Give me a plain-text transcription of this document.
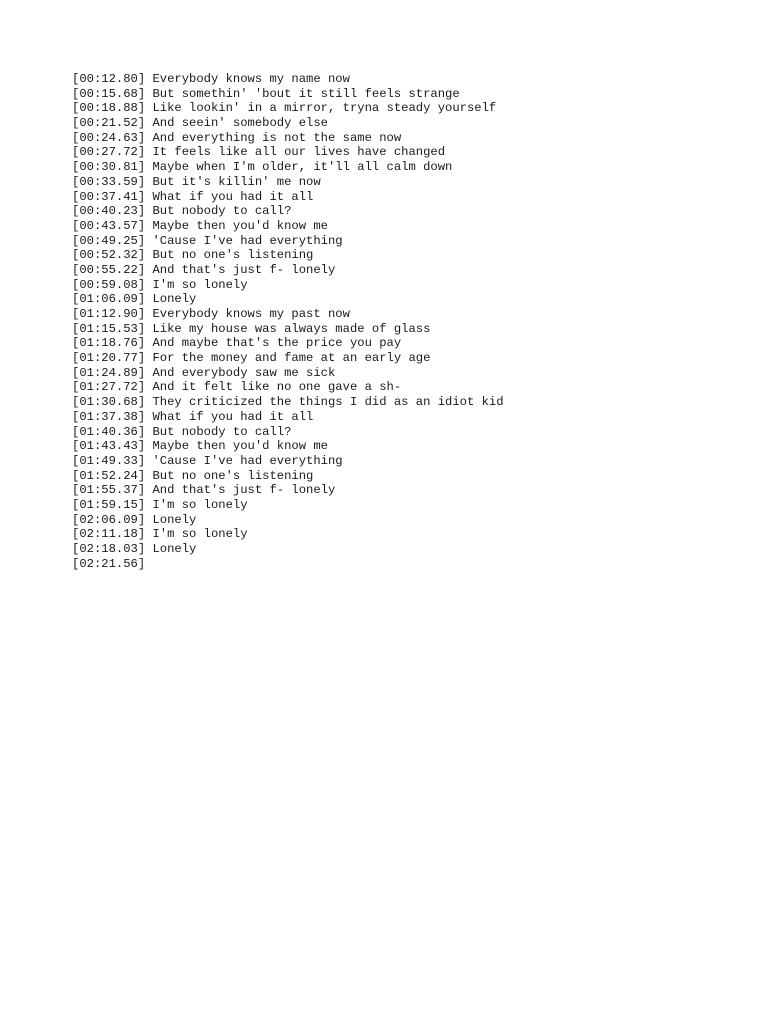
[00:12.80] Everybody knows my name now
[00:15.68] But somethin' 'bout it still feels strange
[00:18.88] Like lookin' in a mirror, tryna steady yourself
[00:21.52] And seein' somebody else
[00:24.63] And everything is not the same now
[00:27.72] It feels like all our lives have changed
[00:30.81] Maybe when I'm older, it'll all calm down
[00:33.59] But it's killin' me now
[00:37.41] What if you had it all
[00:40.23] But nobody to call?
[00:43.57] Maybe then you'd know me
[00:49.25] 'Cause I've had everything
[00:52.32] But no one's listening
[00:55.22] And that's just f- lonely
[00:59.08] I'm so lonely
[01:06.09] Lonely
[01:12.90] Everybody knows my past now
[01:15.53] Like my house was always made of glass
[01:18.76] And maybe that's the price you pay
[01:20.77] For the money and fame at an early age
[01:24.89] And everybody saw me sick
[01:27.72] And it felt like no one gave a sh-
[01:30.68] They criticized the things I did as an idiot kid
[01:37.38] What if you had it all
[01:40.36] But nobody to call?
[01:43.43] Maybe then you'd know me
[01:49.33] 'Cause I've had everything
[01:52.24] But no one's listening
[01:55.37] And that's just f- lonely
[01:59.15] I'm so lonely
[02:06.09] Lonely
[02:11.18] I'm so lonely
[02:18.03] Lonely
[02:21.56]
